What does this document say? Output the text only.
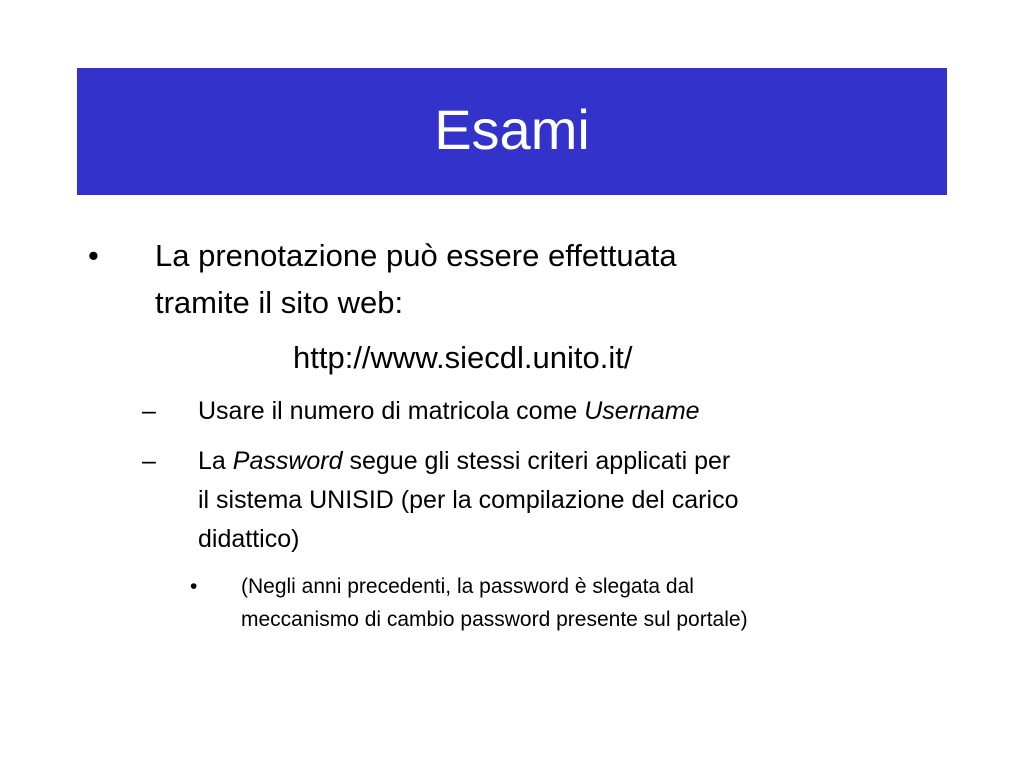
Esami
• La prenotazione può essere effettuata
tramite il sito web:
http://www.siecdl.unito.it/
– Usare il numero di matricola come Username
– La Password segue gli stessi criteri applicati per
il sistema UNISID (per la compilazione del carico
didattico)
• (Negli anni precedenti, la password è slegata dal
meccanismo di cambio password presente sul portale)
